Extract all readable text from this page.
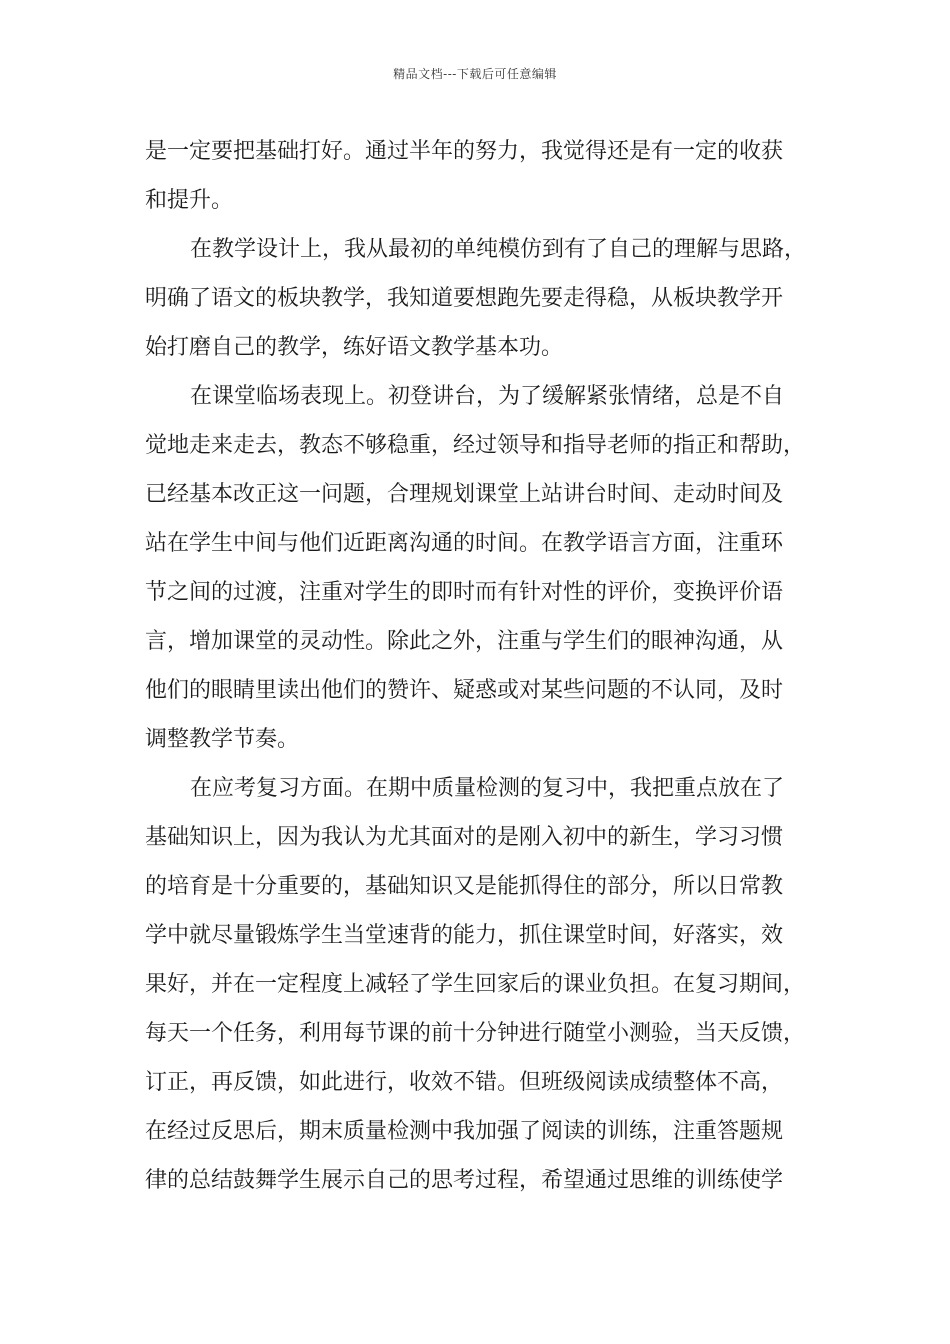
精品文档---下载后可任意编辑
是一定要把基础打好。通过半年的努力，我觉得还是有一定的收获
和提升。
在教学设计上，我从最初的单纯模仿到有了自己的理解与思路，
明确了语文的板块教学，我知道要想跑先要走得稳，从板块教学开
始打磨自己的教学，练好语文教学基本功。
在课堂临场表现上。初登讲台，为了缓解紧张情绪，总是不自
觉地走来走去，教态不够稳重，经过领导和指导老师的指正和帮助，
已经基本改正这一问题，合理规划课堂上站讲台时间、走动时间及
站在学生中间与他们近距离沟通的时间。在教学语言方面，注重环
节之间的过渡，注重对学生的即时而有针对性的评价，变换评价语
言，增加课堂的灵动性。除此之外，注重与学生们的眼神沟通，从
他们的眼睛里读出他们的赞许、疑惑或对某些问题的不认同，及时
调整教学节奏。
在应考复习方面。在期中质量检测的复习中，我把重点放在了
基础知识上，因为我认为尤其面对的是刚入初中的新生，学习习惯
的培育是十分重要的，基础知识又是能抓得住的部分，所以日常教
学中就尽量锻炼学生当堂速背的能力，抓住课堂时间，好落实，效
果好，并在一定程度上减轻了学生回家后的课业负担。在复习期间，
每天一个任务，利用每节课的前十分钟进行随堂小测验，当天反馈，
订正，再反馈，如此进行，收效不错。但班级阅读成绩整体不高，
在经过反思后，期末质量检测中我加强了阅读的训练，注重答题规
律的总结鼓舞学生展示自己的思考过程，希望通过思维的训练使学
